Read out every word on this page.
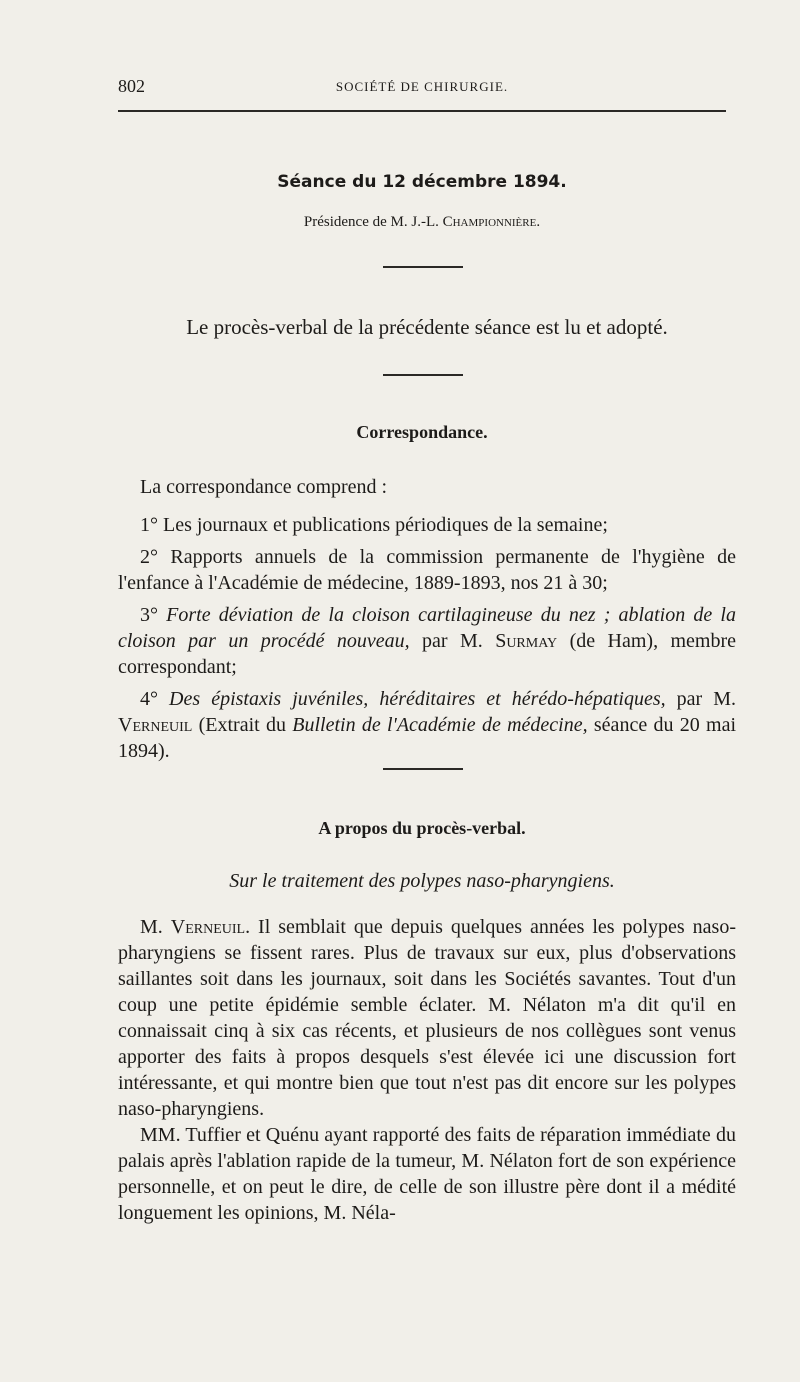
802	SOCIÉTÉ DE CHIRURGIE.
Séance du 12 décembre 1894.
Présidence de M. J.-L. Championnière.

Le procès-verbal de la précédente séance est lu et adopté.

Correspondance.

La correspondance comprend :

1° Les journaux et publications périodiques de la semaine;

2° Rapports annuels de la commission permanente de l'hygiène de l'enfance à l'Académie de médecine, 1889-1893, nos 21 à 30;

3° Forte déviation de la cloison cartilagineuse du nez ; ablation de la cloison par un procédé nouveau, par M. Surmay (de Ham), membre correspondant;

4° Des épistaxis juvéniles, héréditaires et hérédo-hépatiques, par M. Verneuil (Extrait du Bulletin de l'Académie de médecine, séance du 20 mai 1894).

A propos du procès-verbal.
Sur le traitement des polypes naso-pharyngiens.

M. Verneuil. Il semblait que depuis quelques années les polypes naso-pharyngiens se fissent rares. Plus de travaux sur eux, plus d'observations saillantes soit dans les journaux, soit dans les Sociétés savantes. Tout d'un coup une petite épidémie semble éclater. M. Nélaton m'a dit qu'il en connaissait cinq à six cas récents, et plusieurs de nos collègues sont venus apporter des faits à propos desquels s'est élevée ici une discussion fort intéressante, et qui montre bien que tout n'est pas dit encore sur les polypes naso-pharyngiens.

MM. Tuffier et Quénu ayant rapporté des faits de réparation immédiate du palais après l'ablation rapide de la tumeur, M. Nélaton fort de son expérience personnelle, et on peut le dire, de celle de son illustre père dont il a médité longuement les opinions, M. Néla-
